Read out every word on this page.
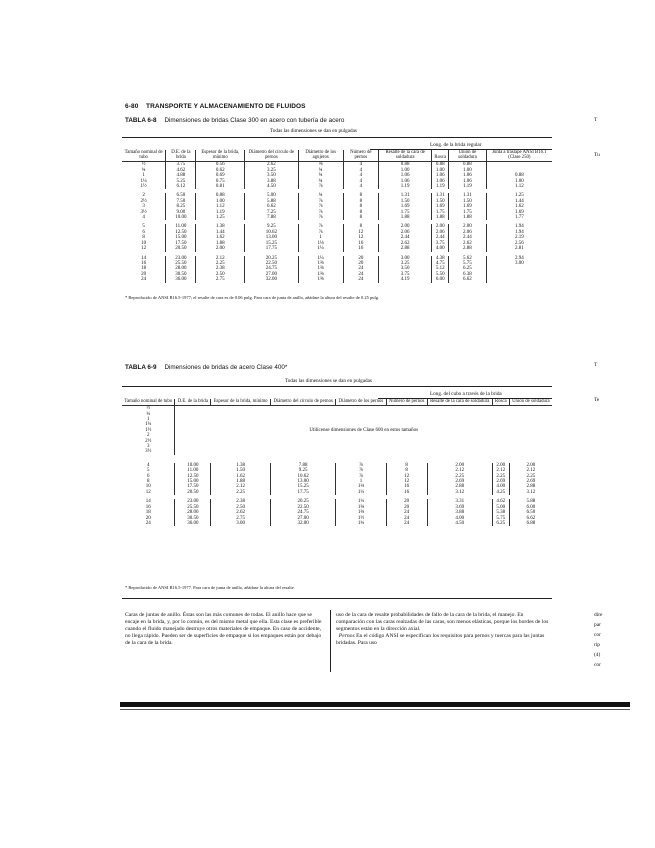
6-80 TRANSPORTE Y ALMACENAMIENTO DE FLUIDOS
TABLA 6-8 Dimensiones de bridas Clase 300 en acero con tubería de acero
Todas las dimensiones se dan en pulgadas
Long. de la brida regular
Tamaño nominal de tubo	D.E. de la brida	Espesor de la brida, mínimo	Diámetro del círculo de pernos	Diámetro de los agujeros	Número de pernos	Resalte de la cara de soldadura	Rosca	Unión de soldadura	Junta a traslape ANSI B16.1 (Clase 250)
½	3.75	0.56	2.62	⅝	4	0.88	0.88	0.88	
¾	4.62	0.62	3.25	¾	4	1.00	1.00	1.00	
1	4.88	0.69	3.50	¾	4	1.06	1.06	1.06	0.88
1¼	5.25	0.75	3.88	¾	4	1.06	1.06	1.06	1.00
1½	6.12	0.81	4.50	⅞	4	1.19	1.19	1.19	1.12

2	6.50	0.88	5.00	¾	8	1.31	1.31	1.31	1.25
2½	7.50	1.00	5.88	⅞	8	1.50	1.50	1.50	1.44
3	8.25	1.12	6.62	⅞	8	1.69	1.69	1.69	1.62
3½	9.00	1.19	7.25	⅞	8	1.75	1.75	1.75	1.69
4	10.00	1.25	7.88	⅞	8	1.88	1.88	1.88	1.77

5	11.00	1.38	9.25	⅞	8	2.00	2.00	2.00	1.94
6	12.50	1.44	10.62	⅞	12	2.06	2.06	2.06	1.94
8	15.00	1.62	13.00	1	12	2.44	2.44	2.44	2.19
10	17.50	1.88	15.25	1⅛	16	2.62	3.75	2.62	2.56
12	20.50	2.00	17.75	1¼	16	2.88	4.00	2.88	2.81

14	23.00	2.12	20.25	1¼	20	3.00	4.38	5.62	2.94
16	25.50	2.25	22.50	1⅜	20	3.25	4.75	5.75	3.00
18	28.00	2.38	24.75	1⅜	24	3.50	5.12	6.25	
20	30.50	2.50	27.00	1⅜	24	3.75	5.50	6.38	
24	36.00	2.75	32.00	1⅝	24	4.19	6.00	6.62	
* Reproducido de ANSI B16.5-1977; el resalte de cara es de 0.06 pulg. Para cara de junta de anillo, añádase la altura del resalte de 0.25 pulg.
TABLA 6-9 Dimensiones de bridas de acero Clase 400*
Todas las dimensiones se dan en pulgadas
Long. del cubo a través de la brida
Tamaño nominal de tubo	D.E. de la brida	Espesor de la brida, mínimo	Diámetro del círculo de pernos	Diámetro de los pernos	Número de pernos	Resalte de la cara de soldadura	Rosca	Unión de soldadura
½	Utilícense dimensiones de Clase 600 en estos tamaños							
¾								
1								
1¼								
1½								
2								
2½								
3								
3½								

4	10.00	1.38	7.88	⅞	8	2.00	2.00	2.00
5	11.00	1.50	9.25	⅞	8	2.12	2.12	2.12
6	12.50	1.62	10.62	⅞	12	2.25	2.25	2.25
8	15.00	1.88	13.00	1	12	2.69	2.69	2.69
10	17.50	2.12	15.25	1⅛	16	2.88	4.00	2.88
12	20.50	2.25	17.75	1¼	16	3.12	4.25	3.12

14	23.00	2.38	20.25	1¼	20	3.31	4.62	5.88
16	25.50	2.50	22.50	1⅜	20	3.69	5.00	6.00
18	28.00	2.62	24.75	1⅜	24	3.88	5.38	6.50
20	30.50	2.75	27.00	1½	24	4.00	5.75	6.62
24	36.00	3.00	32.00	1¾	24	4.50	6.25	6.88
* Reproducido de ANSI B16.5-1977. Para cara de junta de anillo, añádase la altura del resalte.
Caras de juntas de anillo. Éstas son las más comunes de todas. El anillo hace que se encaje en la brida, y, por lo común, es del mismo metal que ella. Esta clase es preferible cuando el fluido manejado destruye otros materiales de empaque. En caso de accidente, no llega rápido. Pueden ser de superficies de empaque si los empaques están por debajo de la cara de la brida.
uso de la cara de resalte probabilidades de fallo de la cara de la brida, el manejo. En comparación con las caras realzadas de las caras, son menos elásticas, porque los bordes de los segmentos están en la dirección axial.
Pernos En el código ANSI se especifican los requisitos para pernos y tuercas para las juntas bridadas. Para uso
T
Tu
T
Te
dire
par
cor
rip
(4)
cor
